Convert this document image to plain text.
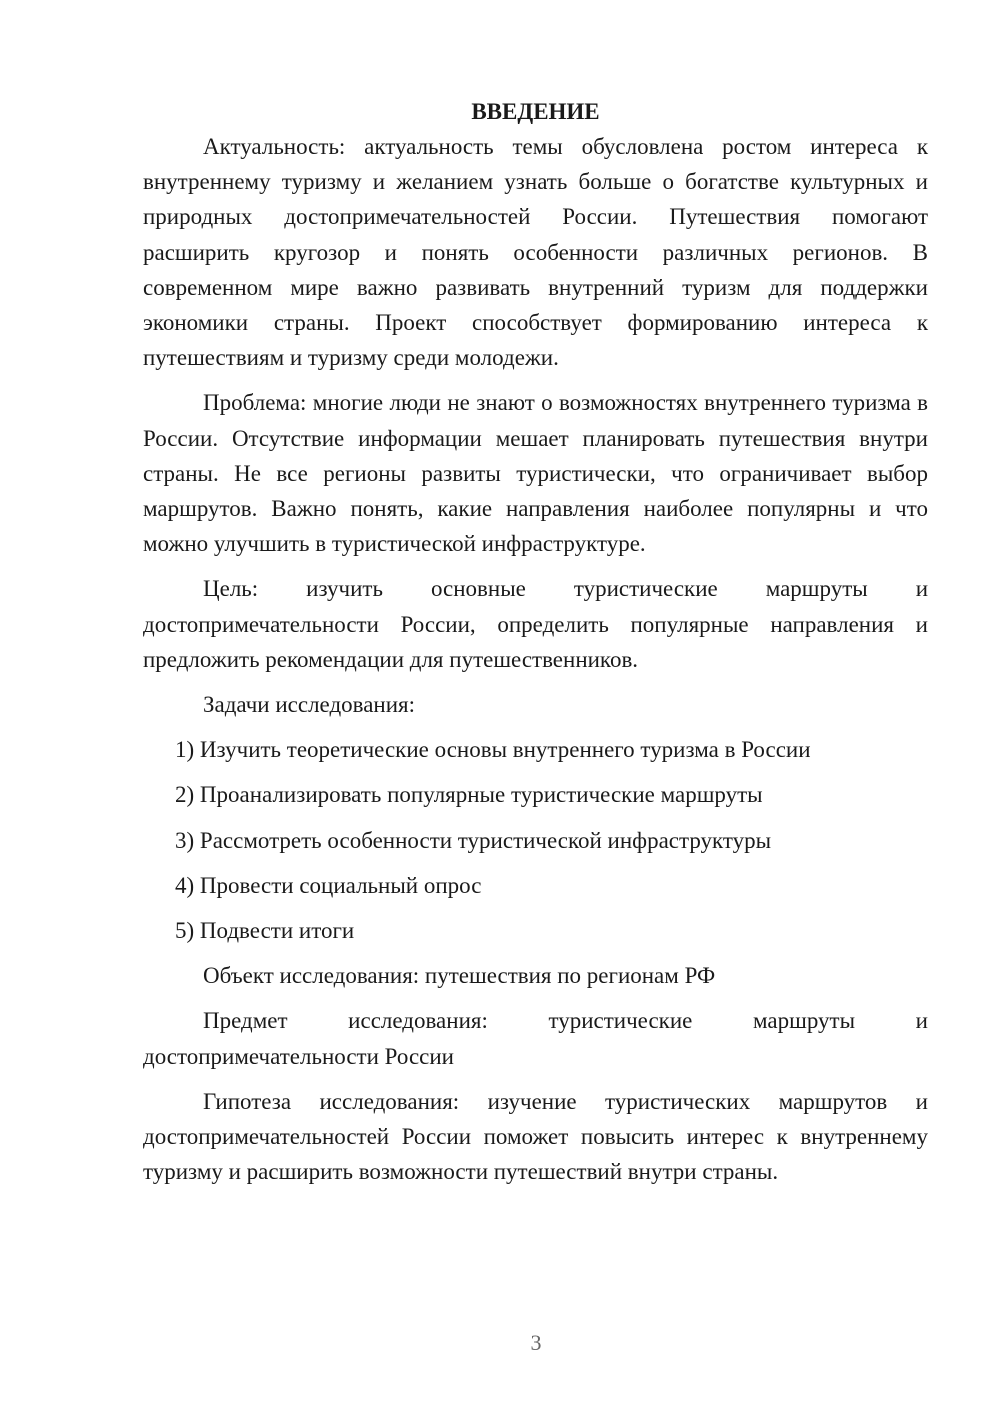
ВВЕДЕНИЕ

Актуальность: актуальность темы обусловлена ростом интереса к внутреннему туризму и желанием узнать больше о богатстве культурных и природных достопримечательностей России. Путешествия помогают расширить кругозор и понять особенности различных регионов. В современном мире важно развивать внутренний туризм для поддержки экономики страны. Проект способствует формированию интереса к путешествиям и туризму среди молодежи.

Проблема: многие люди не знают о возможностях внутреннего туризма в России. Отсутствие информации мешает планировать путешествия внутри страны. Не все регионы развиты туристически, что ограничивает выбор маршрутов. Важно понять, какие направления наиболее популярны и что можно улучшить в туристической инфраструктуре.

Цель: изучить основные туристические маршруты и достопримечательности России, определить популярные направления и предложить рекомендации для путешественников.

Задачи исследования:

1) Изучить теоретические основы внутреннего туризма в России

2) Проанализировать популярные туристические маршруты

3) Рассмотреть особенности туристической инфраструктуры

4) Провести социальный опрос

5) Подвести итоги

Объект исследования: путешествия по регионам РФ

Предмет исследования: туристические маршруты и достопримечательности России

Гипотеза исследования: изучение туристических маршрутов и достопримечательностей России поможет повысить интерес к внутреннему туризму и расширить возможности путешествий внутри страны.

3
